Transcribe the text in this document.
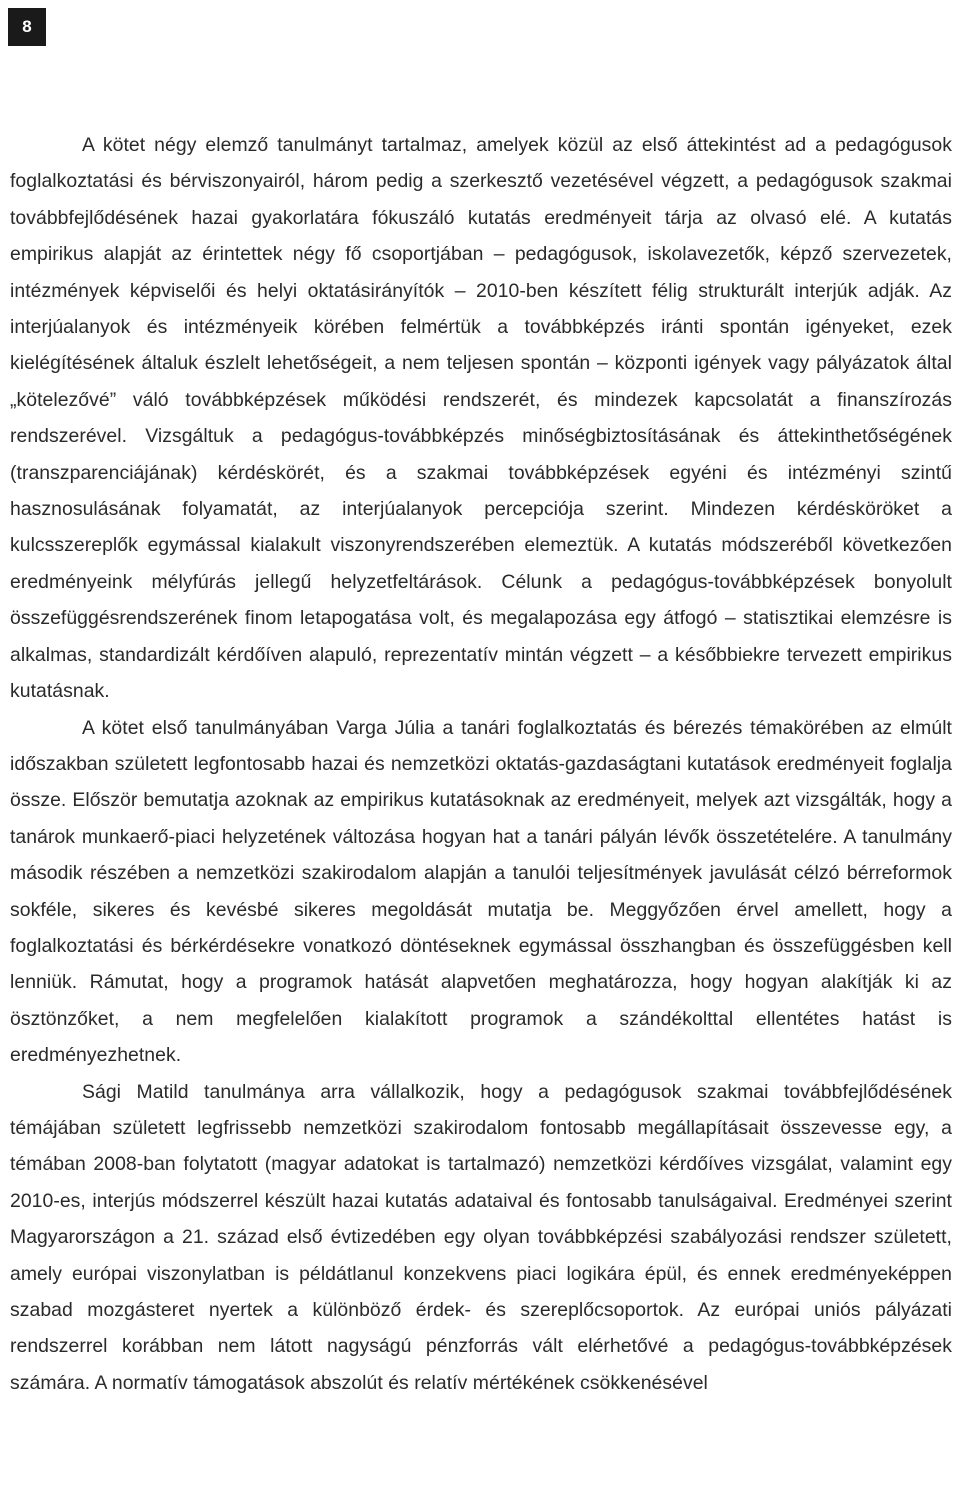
8

A kötet négy elemző tanulmányt tartalmaz, amelyek közül az első áttekintést ad a pedagógusok foglalkoztatási és bérviszonyairól, három pedig a szerkesztő vezetésével végzett, a pedagógusok szakmai továbbfejlődésének hazai gyakorlatára fókuszáló kutatás eredményeit tárja az olvasó elé. A kutatás empirikus alapját az érintettek négy fő csoportjában – pedagógusok, iskolavezetők, képző szervezetek, intézmények képviselői és helyi oktatásirányítók – 2010-ben készített félig strukturált interjúk adják. Az interjúalanyok és intézményeik körében felmértük a továbbképzés iránti spontán igényeket, ezek kielégítésének általuk észlelt lehetőségeit, a nem teljesen spontán – központi igények vagy pályázatok által „kötelezővé” váló továbbképzések működési rendszerét, és mindezek kapcsolatát a finanszírozás rendszerével. Vizsgáltuk a pedagógus-továbbképzés minőségbiztosításának és áttekinthetőségének (transzparenciájának) kérdéskörét, és a szakmai továbbképzések egyéni és intézményi szintű hasznosulásának folyamatát, az interjúalanyok percepciója szerint. Mindezen kérdésköröket a kulcsszereplők egymással kialakult viszonyrendszerében elemeztük. A kutatás módszeréből következően eredményeink mélyfúrás jellegű helyzetfeltárások. Célunk a pedagógus-továbbképzések bonyolult összefüggésrendszerének finom letapogatása volt, és megalapozása egy átfogó – statisztikai elemzésre is alkalmas, standardizált kérdőíven alapuló, reprezentatív mintán végzett – a későbbiekre tervezett empirikus kutatásnak.

A kötet első tanulmányában Varga Júlia a tanári foglalkoztatás és bérezés témakörében az elmúlt időszakban született legfontosabb hazai és nemzetközi oktatás-gazdaságtani kutatások eredményeit foglalja össze. Először bemutatja azoknak az empirikus kutatásoknak az eredményeit, melyek azt vizsgálták, hogy a tanárok munkaerő-piaci helyzetének változása hogyan hat a tanári pályán lévők összetételére. A tanulmány második részében a nemzetközi szakirodalom alapján a tanulói teljesítmények javulását célzó bérreformok sokféle, sikeres és kevésbé sikeres megoldását mutatja be. Meggyőzően érvel amellett, hogy a foglalkoztatási és bérkérdésekre vonatkozó döntéseknek egymással összhangban és összefüggésben kell lenniük. Rámutat, hogy a programok hatását alapvetően meghatározza, hogy hogyan alakítják ki az ösztönzőket, a nem megfelelően kialakított programok a szándékolttal ellentétes hatást is eredményezhetnek.

Sági Matild tanulmánya arra vállalkozik, hogy a pedagógusok szakmai továbbfejlődésének témájában született legfrissebb nemzetközi szakirodalom fontosabb megállapításait összevesse egy, a témában 2008-ban folytatott (magyar adatokat is tartalmazó) nemzetközi kérdőíves vizsgálat, valamint egy 2010-es, interjús módszerrel készült hazai kutatás adataival és fontosabb tanulságaival. Eredményei szerint Magyarországon a 21. század első évtizedében egy olyan továbbképzési szabályozási rendszer született, amely európai viszonylatban is példátlanul konzekvens piaci logikára épül, és ennek eredményeképpen szabad mozgásteret nyertek a különböző érdek- és szereplőcsoportok. Az európai uniós pályázati rendszerrel korábban nem látott nagyságú pénzforrás vált elérhetővé a pedagógus-továbbképzések számára. A normatív támogatások abszolút és relatív mértékének csökkenésével
